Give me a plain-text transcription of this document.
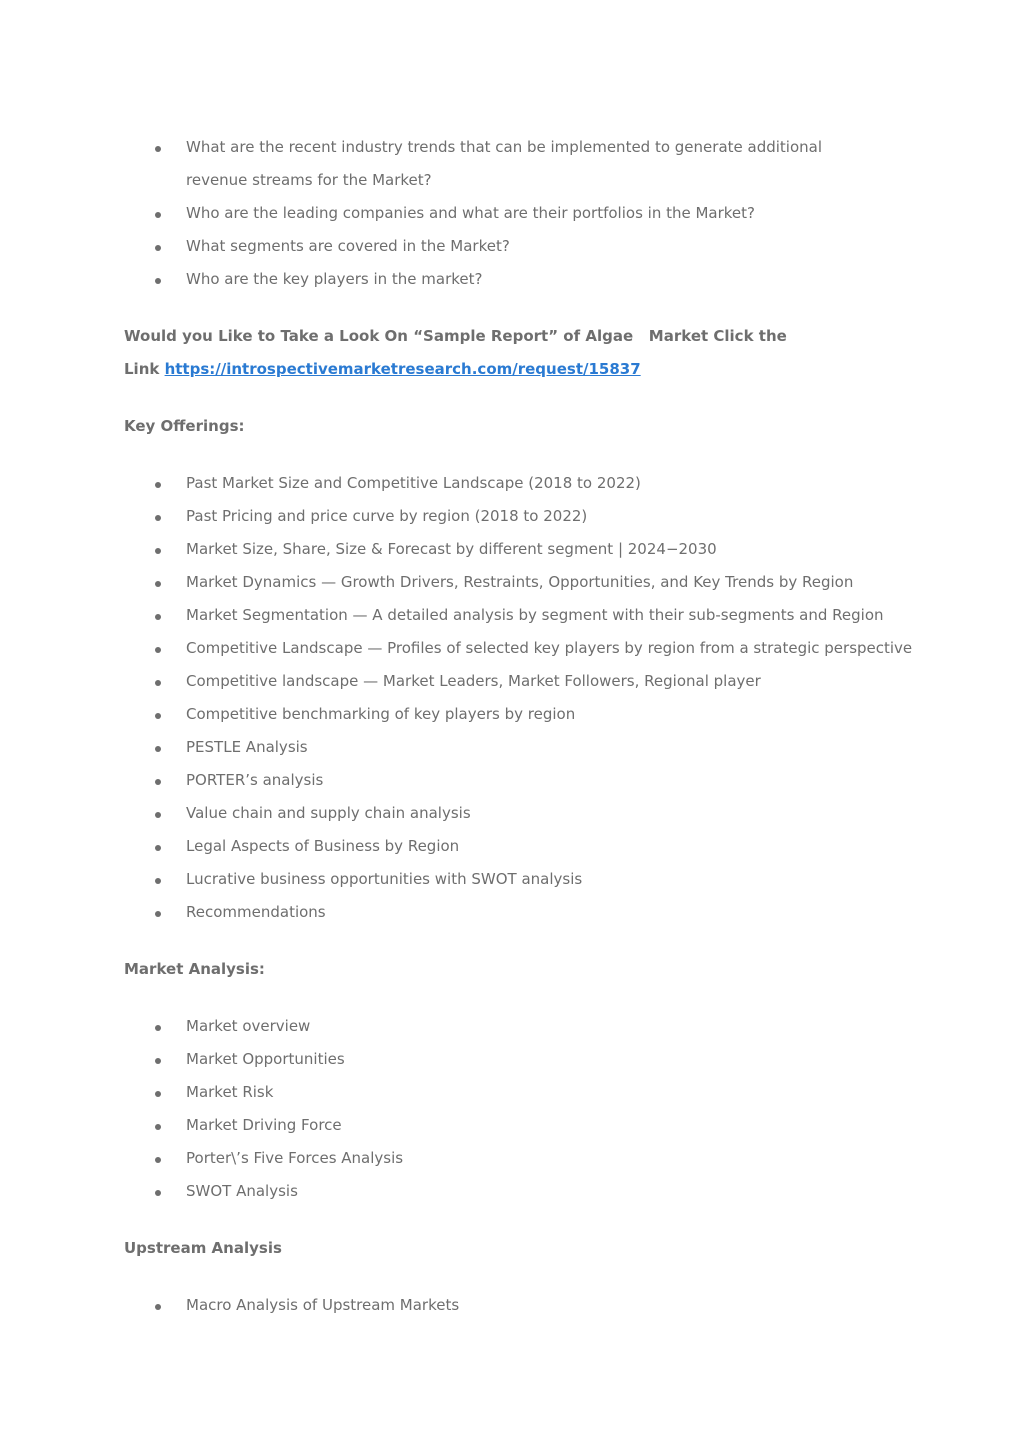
What are the recent industry trends that can be implemented to generate additional revenue streams for the Market?
Who are the leading companies and what are their portfolios in the Market?
What segments are covered in the Market?
Who are the key players in the market?
Would you Like to Take a Look On “Sample Report” of Algae   Market Click the
Link https://introspectivemarketresearch.com/request/15837
Key Offerings:
Past Market Size and Competitive Landscape (2018 to 2022)
Past Pricing and price curve by region (2018 to 2022)
Market Size, Share, Size & Forecast by different segment | 2024−2030
Market Dynamics — Growth Drivers, Restraints, Opportunities, and Key Trends by Region
Market Segmentation — A detailed analysis by segment with their sub-segments and Region
Competitive Landscape — Profiles of selected key players by region from a strategic perspective
Competitive landscape — Market Leaders, Market Followers, Regional player
Competitive benchmarking of key players by region
PESTLE Analysis
PORTER’s analysis
Value chain and supply chain analysis
Legal Aspects of Business by Region
Lucrative business opportunities with SWOT analysis
Recommendations
Market Analysis:
Market overview
Market Opportunities
Market Risk
Market Driving Force
Porter\’s Five Forces Analysis
SWOT Analysis
Upstream Analysis
Macro Analysis of Upstream Markets
